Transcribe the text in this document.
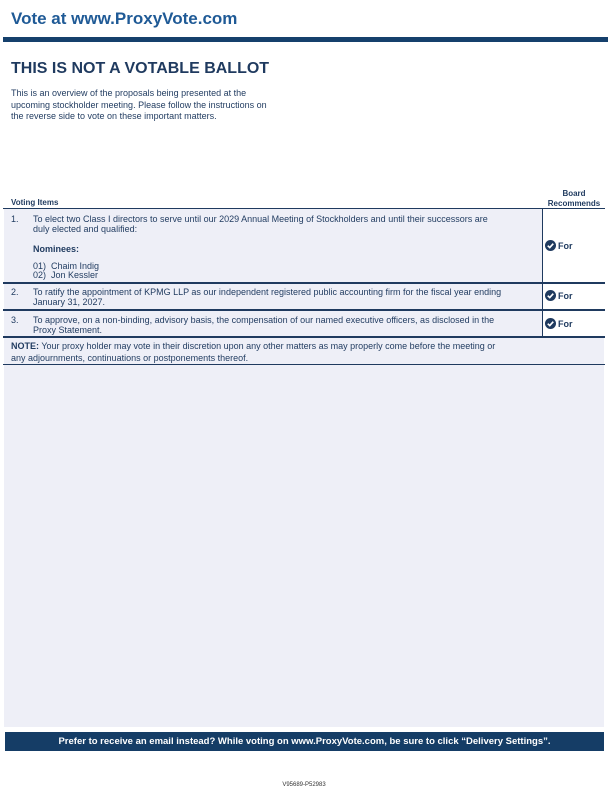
Vote at www.ProxyVote.com
THIS IS NOT A VOTABLE BALLOT
This is an overview of the proposals being presented at the
upcoming stockholder meeting. Please follow the instructions on
the reverse side to vote on these important matters.
Voting Items
Board
Recommends
1. To elect two Class I directors to serve until our 2029 Annual Meeting of Stockholders and until their successors are
duly elected and qualified:
Nominees:
01) Chaim Indig
02) Jon Kessler
For
2. To ratify the appointment of KPMG LLP as our independent registered public accounting firm for the fiscal year ending
January 31, 2027.
For
3. To approve, on a non-binding, advisory basis, the compensation of our named executive officers, as disclosed in the
Proxy Statement.
For
NOTE: Your proxy holder may vote in their discretion upon any other matters as may properly come before the meeting or
any adjournments, continuations or postponements thereof.
Prefer to receive an email instead? While voting on www.ProxyVote.com, be sure to click “Delivery Settings”.
V95689-P52983
